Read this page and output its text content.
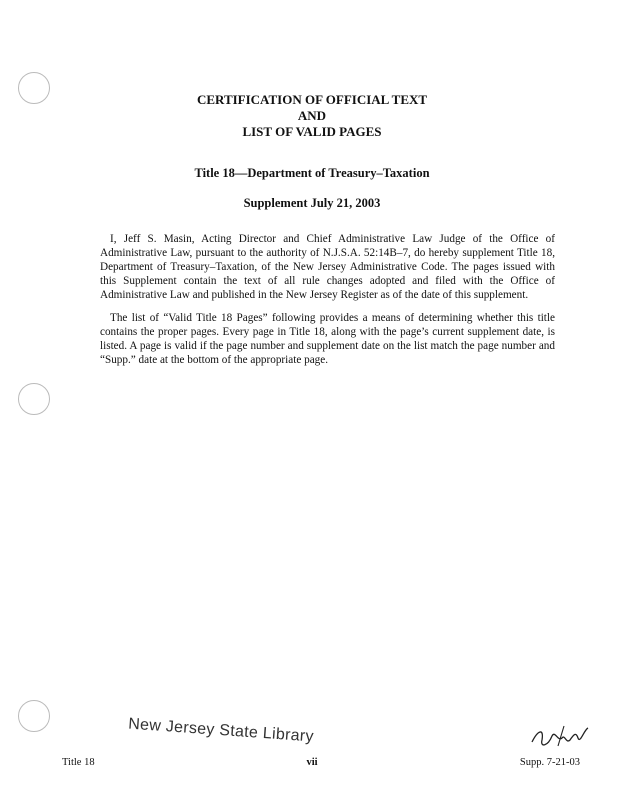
CERTIFICATION OF OFFICIAL TEXT
AND
LIST OF VALID PAGES
Title 18—Department of Treasury–Taxation
Supplement July 21, 2003

I, Jeff S. Masin, Acting Director and Chief Administrative Law Judge of the Office of Administrative Law, pursuant to the authority of N.J.S.A. 52:14B–7, do hereby supplement Title 18, Department of Treasury–Taxation, of the New Jersey Administrative Code. The pages issued with this Supplement contain the text of all rule changes adopted and filed with the Office of Administrative Law and published in the New Jersey Register as of the date of this supplement.

The list of “Valid Title 18 Pages” following provides a means of determining whether this title contains the proper pages. Every page in Title 18, along with the page’s current supplement date, is listed. A page is valid if the page number and supplement date on the list match the page number and “Supp.” date at the bottom of the appropriate page.

New Jersey State Library
Title 18	vii	Supp. 7-21-03
